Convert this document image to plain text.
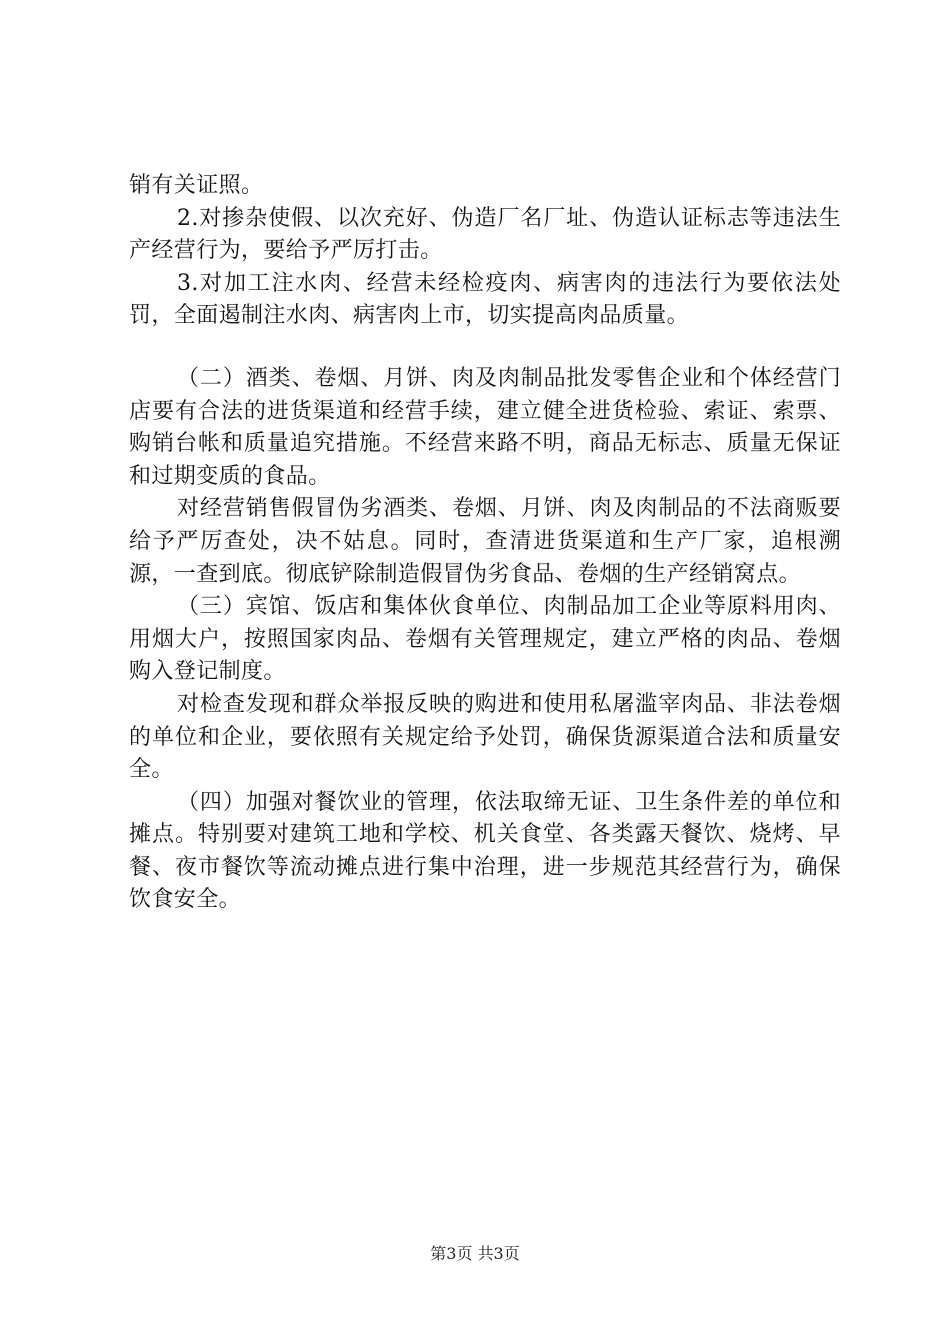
销有关证照。

2.对掺杂使假、以次充好、伪造厂名厂址、伪造认证标志等违法生产经营行为，要给予严厉打击。

3.对加工注水肉、经营未经检疫肉、病害肉的违法行为要依法处罚，全面遏制注水肉、病害肉上市，切实提高肉品质量。

（二）酒类、卷烟、月饼、肉及肉制品批发零售企业和个体经营门店要有合法的进货渠道和经营手续，建立健全进货检验、索证、索票、购销台帐和质量追究措施。不经营来路不明，商品无标志、质量无保证和过期变质的食品。

对经营销售假冒伪劣酒类、卷烟、月饼、肉及肉制品的不法商贩要给予严厉查处，决不姑息。同时，查清进货渠道和生产厂家，追根溯源，一查到底。彻底铲除制造假冒伪劣食品、卷烟的生产经销窝点。

（三）宾馆、饭店和集体伙食单位、肉制品加工企业等原料用肉、用烟大户，按照国家肉品、卷烟有关管理规定，建立严格的肉品、卷烟购入登记制度。

对检查发现和群众举报反映的购进和使用私屠滥宰肉品、非法卷烟的单位和企业，要依照有关规定给予处罚，确保货源渠道合法和质量安全。

（四）加强对餐饮业的管理，依法取缔无证、卫生条件差的单位和摊点。特别要对建筑工地和学校、机关食堂、各类露天餐饮、烧烤、早餐、夜市餐饮等流动摊点进行集中治理，进一步规范其经营行为，确保饮食安全。

第3页 共3页
